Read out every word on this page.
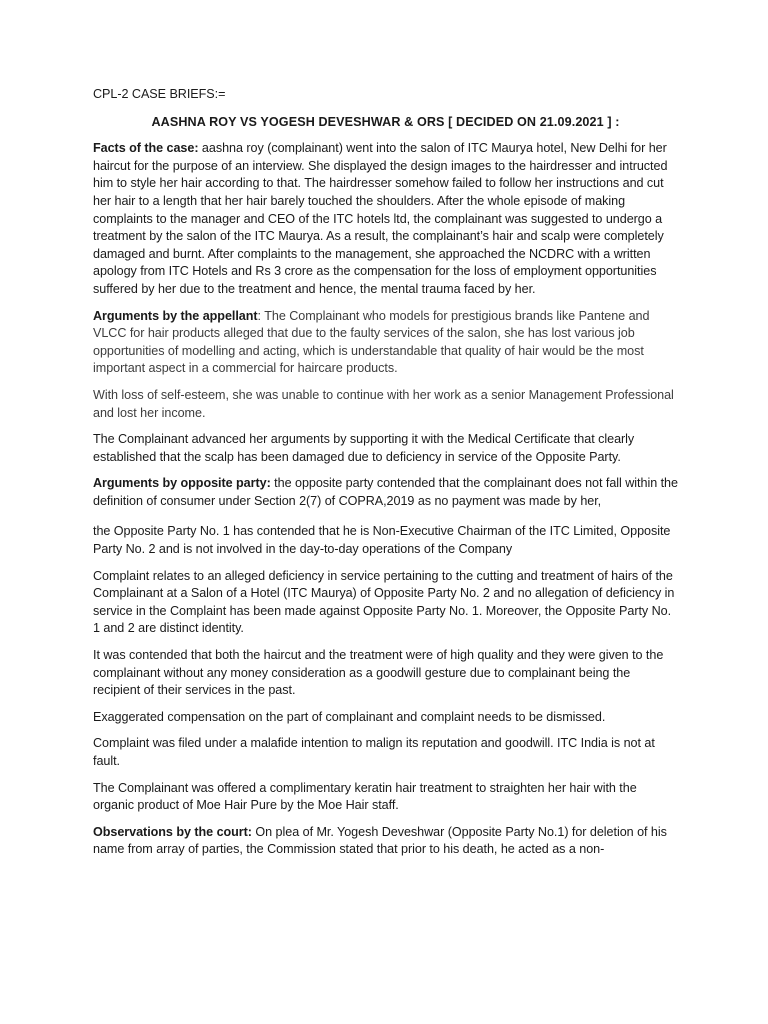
CPL-2 CASE BRIEFS:=

AASHNA ROY VS YOGESH DEVESHWAR & ORS [ DECIDED ON 21.09.2021 ] :

Facts of the case: aashna roy (complainant) went into the salon of ITC Maurya hotel, New Delhi for her haircut for the purpose of an interview. She displayed the design images to the hairdresser and intructed him to style her hair according to that. The hairdresser somehow failed to follow her instructions and cut her hair to a length that her hair barely touched the shoulders. After the whole episode of making complaints to the manager and CEO of the ITC hotels ltd, the complainant was suggested to undergo a treatment by the salon of the ITC Maurya. As a result, the complainant’s hair and scalp were completely damaged and burnt. After complaints to the management, she approached the NCDRC with a written apology from ITC Hotels and Rs 3 crore as the compensation for the loss of employment opportunities suffered by her due to the treatment and hence, the mental trauma faced by her.

Arguments by the appellant: The Complainant who models for prestigious brands like Pantene and VLCC for hair products alleged that due to the faulty services of the salon, she has lost various job opportunities of modelling and acting, which is understandable that quality of hair would be the most important aspect in a commercial for haircare products.

With loss of self-esteem, she was unable to continue with her work as a senior Management Professional and lost her income.

The Complainant advanced her arguments by supporting it with the Medical Certificate that clearly established that the scalp has been damaged due to deficiency in service of the Opposite Party.

Arguments by opposite party: the opposite party contended that the complainant does not fall within the definition of consumer under Section 2(7) of COPRA,2019 as no payment was made by her,

the Opposite Party No. 1 has contended that he is Non-Executive Chairman of the ITC Limited, Opposite Party No. 2 and is not involved in the day-to-day operations of the Company

Complaint relates to an alleged deficiency in service pertaining to the cutting and treatment of hairs of the Complainant at a Salon of a Hotel (ITC Maurya) of Opposite Party No. 2 and no allegation of deficiency in service in the Complaint has been made against Opposite Party No. 1. Moreover, the Opposite Party No. 1 and 2 are distinct identity.

It was contended that both the haircut and the treatment were of high quality and they were given to the complainant without any money consideration as a goodwill gesture due to complainant being the recipient of their services in the past.

Exaggerated compensation on the part of complainant and complaint needs to be dismissed.

Complaint was filed under a malafide intention to malign its reputation and goodwill. ITC India is not at fault.

The Complainant was offered a complimentary keratin hair treatment to straighten her hair with the organic product of Moe Hair Pure by the Moe Hair staff.

Observations by the court: On plea of Mr. Yogesh Deveshwar (Opposite Party No.1) for deletion of his name from array of parties, the Commission stated that prior to his death, he acted as a non-
